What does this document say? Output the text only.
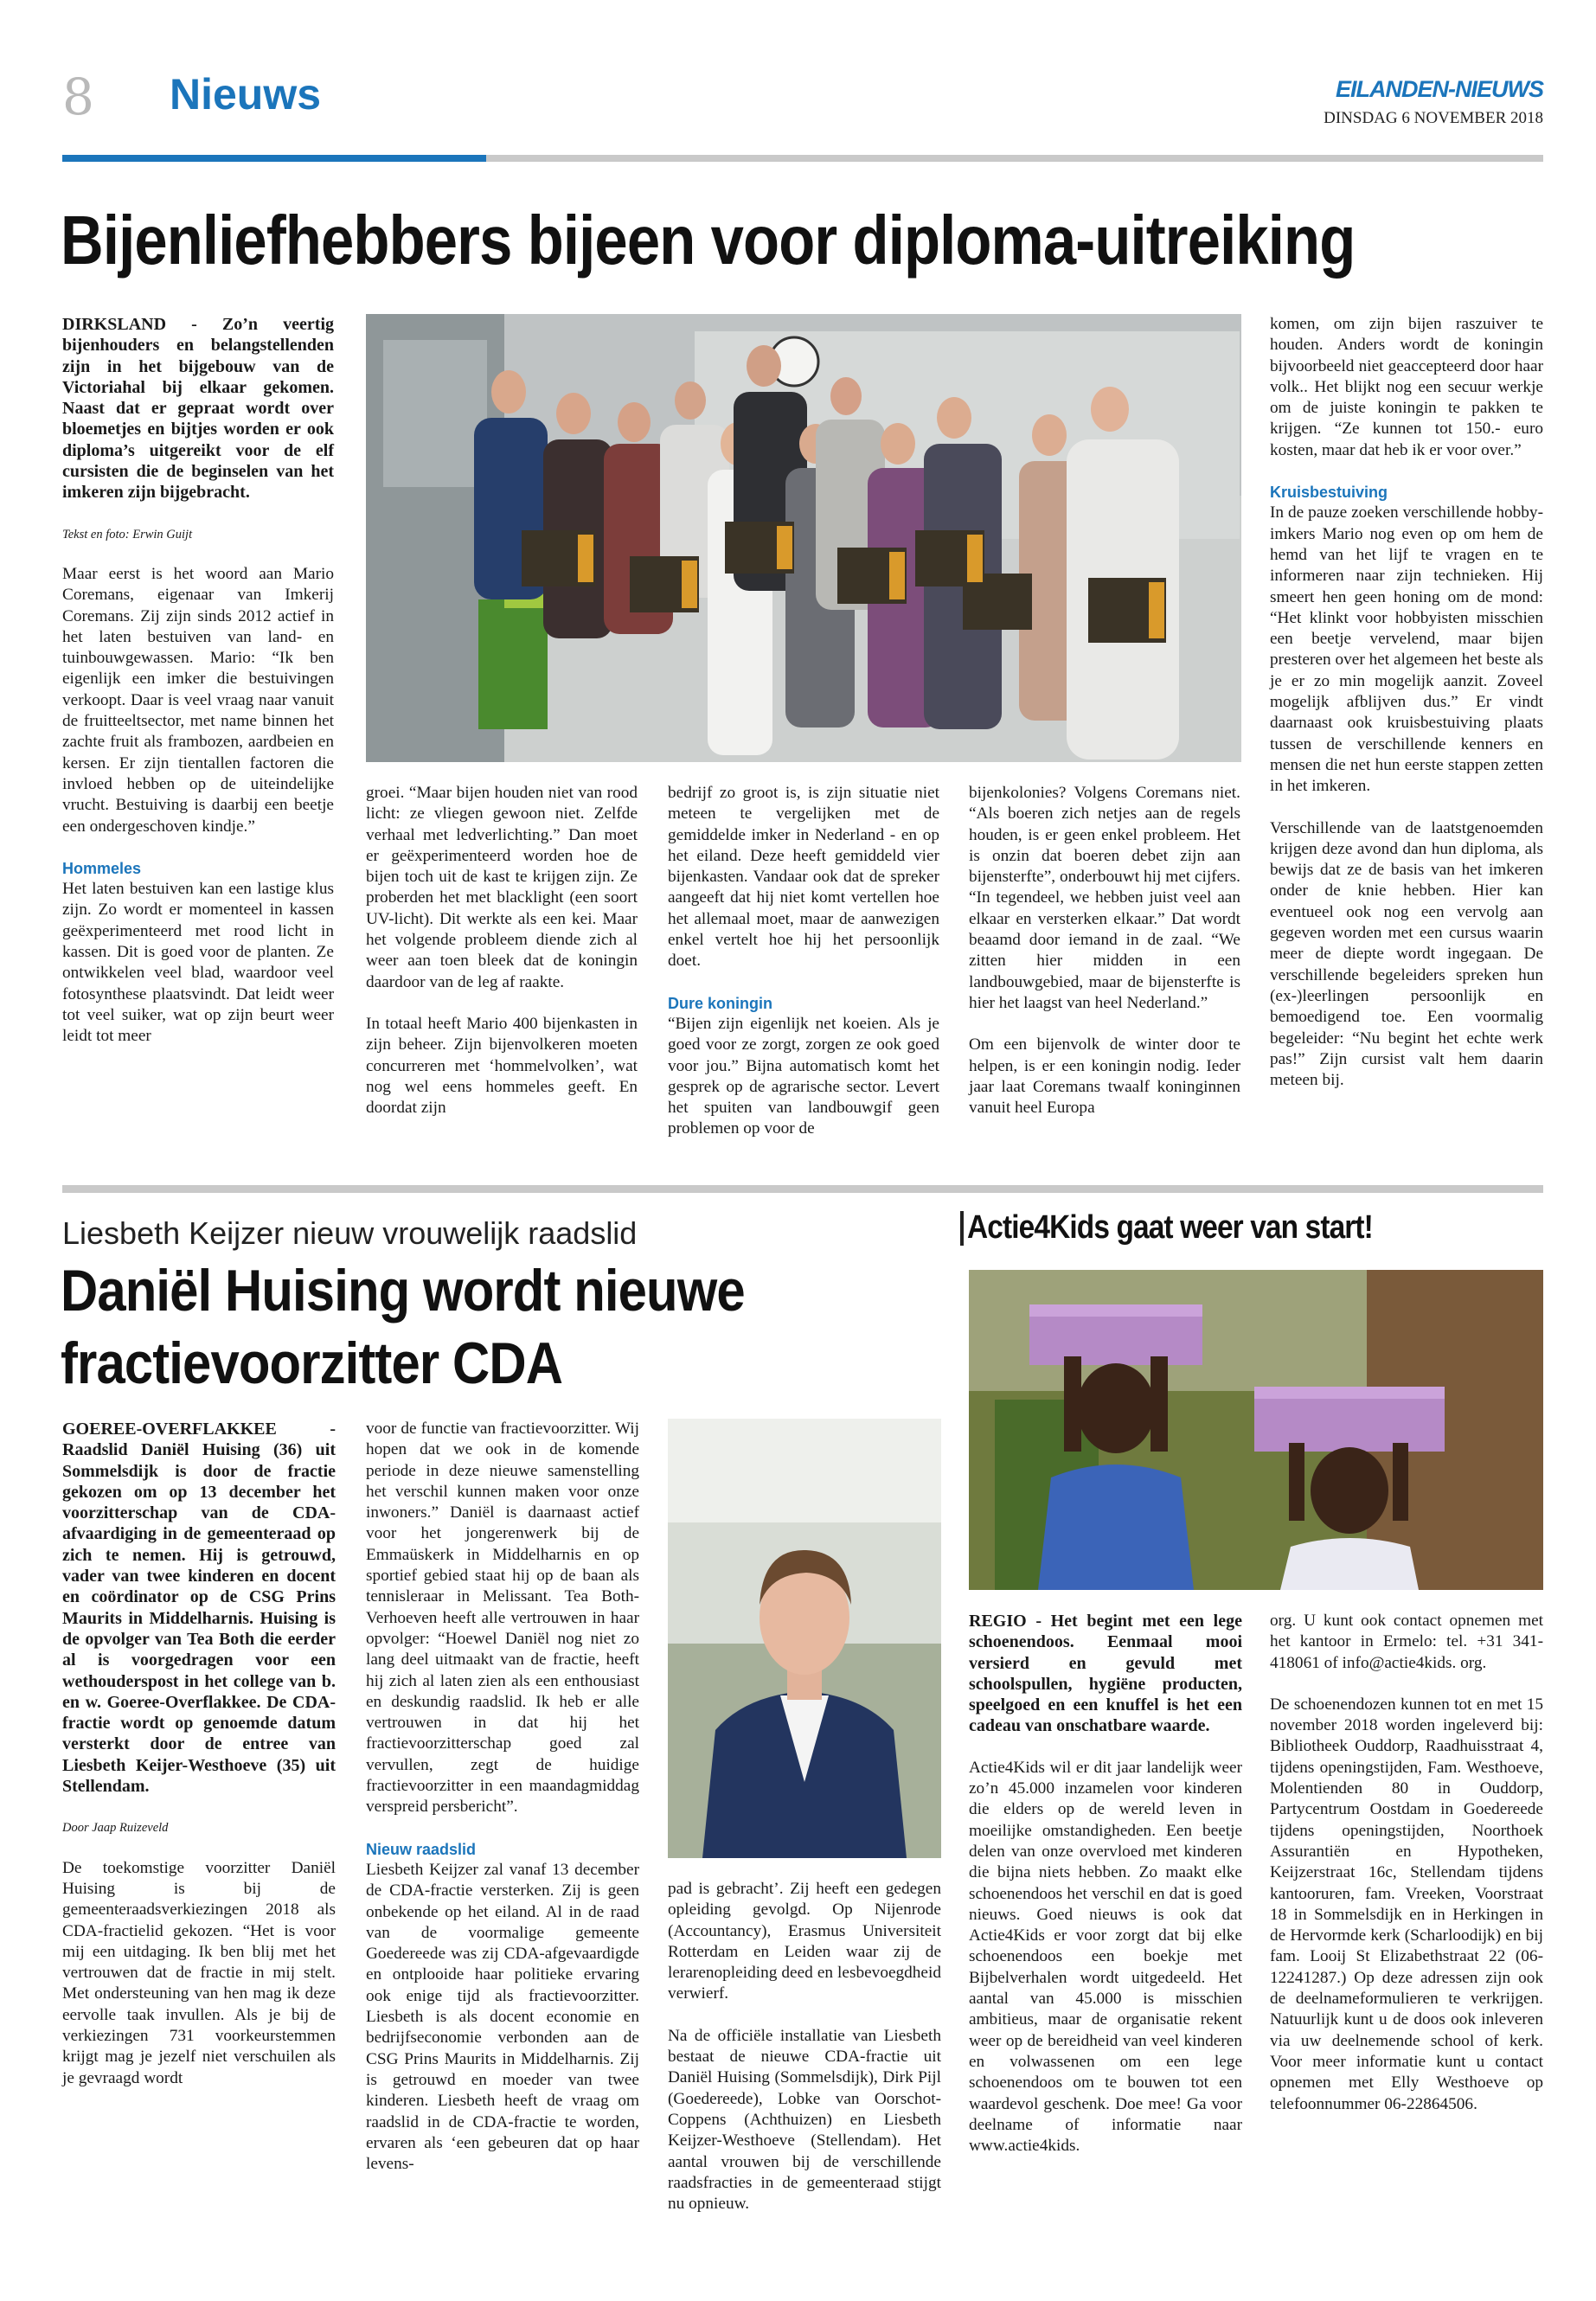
8 Nieuws	EILANDEN-NIEUWS
DINSDAG 6 NOVEMBER 2018
Bijenliefhebbers bijeen voor diploma-uitreiking

DIRKSLAND - Zo’n veertig bijenhouders en belangstellenden zijn in het bijgebouw van de Victoriahal bij elkaar gekomen. Naast dat er gepraat wordt over bloemetjes en bijtjes worden er ook diploma’s uitgereikt voor de elf cursisten die de beginselen van het imkeren zijn bijgebracht.

Tekst en foto: Erwin Guijt

Maar eerst is het woord aan Mario Coremans, eigenaar van Imkerij Coremans. Zij zijn sinds 2012 actief in het laten bestuiven van land- en tuinbouwgewassen. Mario: “Ik ben eigenlijk een imker die bestuivingen verkoopt. Daar is veel vraag naar vanuit de fruitteeltsector, met name binnen het zachte fruit als frambozen, aardbeien en kersen. Er zijn tientallen factoren die invloed hebben op de uiteindelijke vrucht. Bestuiving is daarbij een beetje een ondergeschoven kindje.”

Hommeles

Het laten bestuiven kan een lastige klus zijn. Zo wordt er momenteel in kassen geëxperimenteerd met rood licht in kassen. Dit is goed voor de planten. Ze ontwikkelen veel blad, waardoor veel fotosynthese plaatsvindt. Dat leidt weer tot veel suiker, wat op zijn beurt weer leidt tot meer

groei. “Maar bijen houden niet van rood licht: ze vliegen gewoon niet. Zelfde verhaal met ledverlichting.” Dan moet er geëxperimenteerd worden hoe de bijen toch uit de kast te krijgen zijn. Ze proberden het met blacklight (een soort UV-licht). Dit werkte als een kei. Maar het volgende probleem diende zich al weer aan toen bleek dat de koningin daardoor van de leg af raakte.

In totaal heeft Mario 400 bijenkasten in zijn beheer. Zijn bijenvolkeren moeten concurreren met ‘hommelvolken’, wat nog wel eens hommeles geeft. En doordat zijn

bedrijf zo groot is, is zijn situatie niet meteen te vergelijken met de gemiddelde imker in Nederland - en op het eiland. Deze heeft gemiddeld vier bijenkasten. Vandaar ook dat de spreker aangeeft dat hij niet komt vertellen hoe het allemaal moet, maar de aanwezigen enkel vertelt hoe hij het persoonlijk doet.

Dure koningin

“Bijen zijn eigenlijk net koeien. Als je goed voor ze zorgt, zorgen ze ook goed voor jou.” Bijna automatisch komt het gesprek op de agrarische sector. Levert het spuiten van landbouwgif geen problemen op voor de

bijenkolonies? Volgens Coremans niet. “Als boeren zich netjes aan de regels houden, is er geen enkel probleem. Het is onzin dat boeren debet zijn aan bijensterfte”, onderbouwt hij met cijfers. “In tegendeel, we hebben juist veel aan elkaar en versterken elkaar.” Dat wordt beaamd door iemand in de zaal. “We zitten hier midden in een landbouwgebied, maar de bijensterfte is hier het laagst van heel Nederland.”

Om een bijenvolk de winter door te helpen, is er een koningin nodig. Ieder jaar laat Coremans twaalf koninginnen vanuit heel Europa

komen, om zijn bijen raszuiver te houden. Anders wordt de koningin bijvoorbeeld niet geaccepteerd door haar volk.. Het blijkt nog een secuur werkje om de juiste koningin te pakken te krijgen. “Ze kunnen tot 150.- euro kosten, maar dat heb ik er voor over.”

Kruisbestuiving

In de pauze zoeken verschillende hobby-imkers Mario nog even op om hem de hemd van het lijf te vragen en te informeren naar zijn technieken. Hij smeert hen geen honing om de mond: “Het klinkt voor hobbyisten misschien een beetje vervelend, maar bijen presteren over het algemeen het beste als je er zo min mogelijk aanzit. Zoveel mogelijk afblijven dus.” Er vindt daarnaast ook kruisbestuiving plaats tussen de verschillende kenners en mensen die net hun eerste stappen zetten in het imkeren.

Verschillende van de laatstgenoemden krijgen deze avond dan hun diploma, als bewijs dat ze de basis van het imkeren onder de knie hebben. Hier kan eventueel ook nog een vervolg aan gegeven worden met een cursus waarin meer de diepte wordt ingegaan. De verschillende begeleiders spreken hun (ex-)leerlingen persoonlijk en bemoedigend toe. Een voormalig begeleider: “Nu begint het echte werk pas!” Zijn cursist valt hem daarin meteen bij.

Liesbeth Keijzer nieuw vrouwelijk raadslid
Daniël Huising wordt nieuwe fractievoorzitter CDA

GOEREE-OVERFLAKKEE - Raadslid Daniël Huising (36) uit Sommelsdijk is door de fractie gekozen om op 13 december het voorzitterschap van de CDA-afvaardiging in de gemeenteraad op zich te nemen. Hij is getrouwd, vader van twee kinderen en docent en coördinator op de CSG Prins Maurits in Middelharnis. Huising is de opvolger van Tea Both die eerder al is voorgedragen voor een wethouderspost in het college van b. en w. Goeree-Overflakkee. De CDA-fractie wordt op genoemde datum versterkt door de entree van Liesbeth Keijer-Westhoeve (35) uit Stellendam.

Door Jaap Ruizeveld

De toekomstige voorzitter Daniël Huising is bij de gemeenteraadsverkiezingen 2018 als CDA-fractielid gekozen. “Het is voor mij een uitdaging. Ik ben blij met het vertrouwen dat de fractie in mij stelt. Met ondersteuning van hen mag ik deze eervolle taak invullen. Als je bij de verkiezingen 731 voorkeurstemmen krijgt mag je jezelf niet verschuilen als je gevraagd wordt

voor de functie van fractievoorzitter. Wij hopen dat we ook in de komende periode in deze nieuwe samenstelling het verschil kunnen maken voor onze inwoners.” Daniël is daarnaast actief voor het jongerenwerk bij de Emmaüskerk in Middelharnis en op sportief gebied staat hij op de baan als tennisleraar in Melissant. Tea Both-Verhoeven heeft alle vertrouwen in haar opvolger: “Hoewel Daniël nog niet zo lang deel uitmaakt van de fractie, heeft hij zich al laten zien als een enthousiast en deskundig raadslid. Ik heb er alle vertrouwen in dat hij het fractievoorzitterschap goed zal vervullen, zegt de huidige fractievoorzitter in een maandagmiddag verspreid persbericht”.

Nieuw raadslid

Liesbeth Keijzer zal vanaf 13 december de CDA-fractie versterken. Zij is geen onbekende op het eiland. Al in de raad van de voormalige gemeente Goedereede was zij CDA-afgevaardigde en ontplooide haar politieke ervaring ook enige tijd als fractievoorzitter. Liesbeth is als docent economie en bedrijfseconomie verbonden aan de CSG Prins Maurits in Middelharnis. Zij is getrouwd en moeder van twee kinderen. Liesbeth heeft de vraag om raadslid in de CDA-fractie te worden, ervaren als ‘een gebeuren dat op haar levens-

pad is gebracht’. Zij heeft een gedegen opleiding gevolgd. Op Nijenrode (Accountancy), Erasmus Universiteit Rotterdam en Leiden waar zij de lerarenopleiding deed en lesbevoegdheid verwierf.

Na de officiële installatie van Liesbeth bestaat de nieuwe CDA-fractie uit Daniël Huising (Sommelsdijk), Dirk Pijl (Goedereede), Lobke van Oorschot-Coppens (Achthuizen) en Liesbeth Keijzer-Westhoeve (Stellendam). Het aantal vrouwen bij de verschillende raadsfracties in de gemeenteraad stijgt nu opnieuw.

Actie4Kids gaat weer van start!

REGIO - Het begint met een lege schoenendoos. Eenmaal mooi versierd en gevuld met schoolspullen, hygiëne producten, speelgoed en een knuffel is het een cadeau van onschatbare waarde.

Actie4Kids wil er dit jaar landelijk weer zo’n 45.000 inzamelen voor kinderen die elders op de wereld leven in moeilijke omstandigheden. Een beetje delen van onze overvloed met kinderen die bijna niets hebben. Zo maakt elke schoenendoos het verschil en dat is goed nieuws. Goed nieuws is ook dat Actie4Kids er voor zorgt dat bij elke schoenendoos een boekje met Bijbelverhalen wordt uitgedeeld. Het aantal van 45.000 is misschien ambitieus, maar de organisatie rekent weer op de bereidheid van veel kinderen en volwassenen om een lege schoenendoos om te bouwen tot een waardevol geschenk. Doe mee! Ga voor deelname of informatie naar www.actie4kids.

org. U kunt ook contact opnemen met het kantoor in Ermelo: tel. +31 341-418061 of info@actie4kids. org.

De schoenendozen kunnen tot en met 15 november 2018 worden ingeleverd bij: Bibliotheek Ouddorp, Raadhuisstraat 4, tijdens openingstijden, Fam. Westhoeve, Molentienden 80 in Ouddorp, Partycentrum Oostdam in Goedereede tijdens openingstijden, Noorthoek Assurantiën en Hypotheken, Keijzerstraat 16c, Stellendam tijdens kantooruren, fam. Vreeken, Voorstraat 18 in Sommelsdijk en in Herkingen in de Hervormde kerk (Scharloodijk) en bij fam. Looij St Elizabethstraat 22 (06-12241287.) Op deze adressen zijn ook de deelnameformulieren te verkrijgen. Natuurlijk kunt u de doos ook inleveren via uw deelnemende school of kerk. Voor meer informatie kunt u contact opnemen met Elly Westhoeve op telefoonnummer 06-22864506.
